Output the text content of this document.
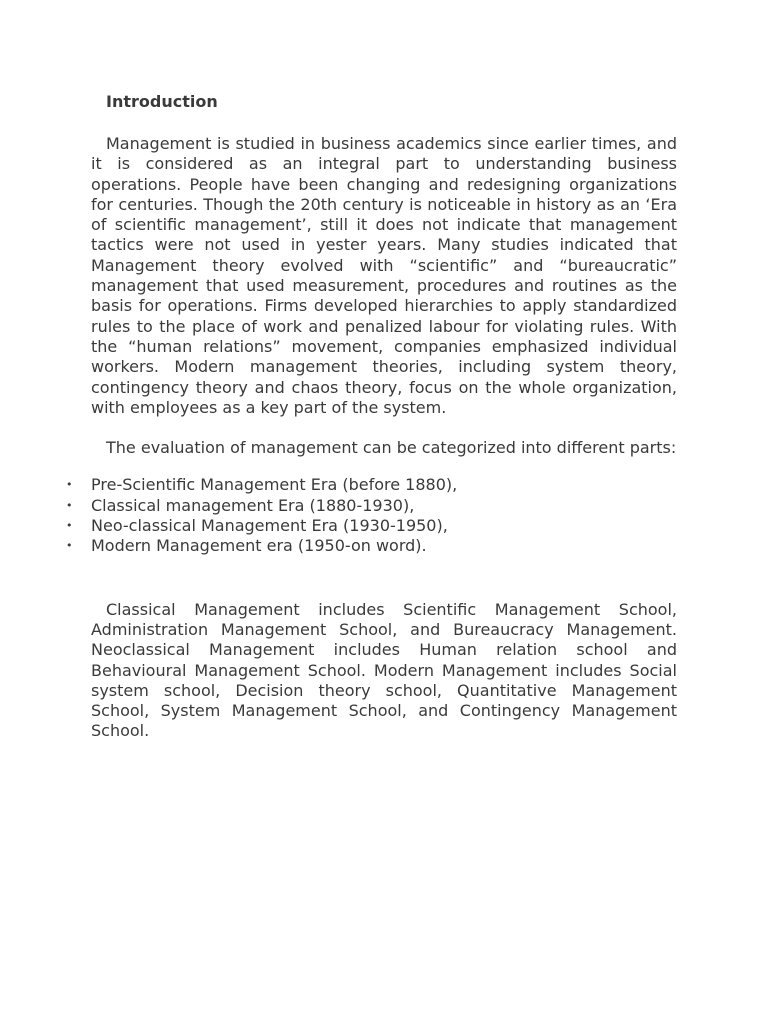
Introduction

Management is studied in business academics since earlier times, and it is considered as an integral part to understanding business operations. People have been changing and redesigning organizations for centuries. Though the 20th century is noticeable in history as an ‘Era of scientific management’, still it does not indicate that management tactics were not used in yester years. Many studies indicated that Management theory evolved with “scientific” and “bureaucratic” management that used measurement, procedures and routines as the basis for operations. Firms developed hierarchies to apply standardized rules to the place of work and penalized labour for violating rules. With the “human relations” movement, companies emphasized individual workers. Modern management theories, including system theory, contingency theory and chaos theory, focus on the whole organization, with employees as a key part of the system.

The evaluation of management can be categorized into different parts:

• Pre-Scientific Management Era (before 1880),
• Classical management Era (1880-1930),
• Neo-classical Management Era (1930-1950),
• Modern Management era (1950-on word).

Classical Management includes Scientific Management School, Administration Management School, and Bureaucracy Management. Neoclassical Management includes Human relation school and Behavioural Management School. Modern Management includes Social system school, Decision theory school, Quantitative Management School, System Management School, and Contingency Management School.
